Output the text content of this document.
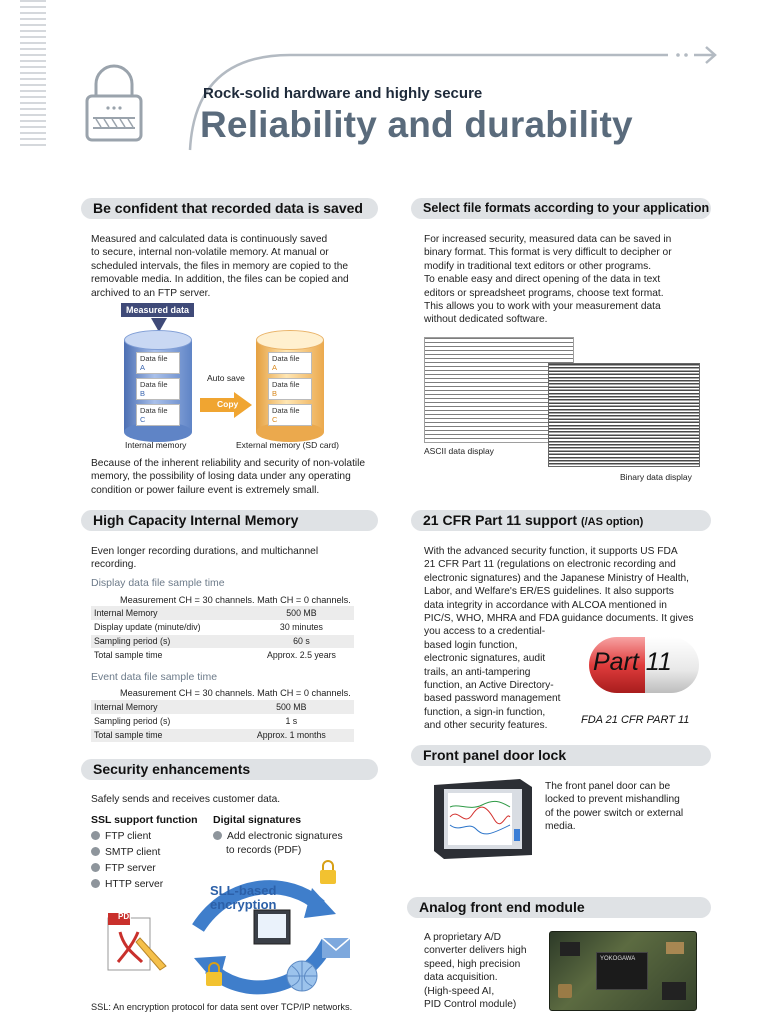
Rock-solid hardware and highly secure
Reliability and durability
Be confident that recorded data is saved
Measured and calculated data is continuously saved
to secure, internal non-volatile memory. At manual or
scheduled intervals, the files in memory are copied to the
removable media. In addition, the files can be copied and
archived to an FTP server.
Measured data
Data file
A
Data file
B
Data file
C
Auto save
Copy
Data file
A
Data file
B
Data file
C
Internal memory	External memory (SD card)
Because of the inherent reliability and security of non-volatile
memory, the possibility of losing data under any operating
condition or power failure event is extremely small.
Select file formats according to your application
For increased security, measured data can be saved in
binary format. This format is very difficult to decipher or
modify in traditional text editors or other programs.
To enable easy and direct opening of the data in text
editors or spreadsheet programs, choose text format.
This allows you to work with your measurement data
without dedicated software.
ASCII data display
Binary data display
High Capacity Internal Memory
Even longer recording durations, and multichannel
recording.
Display data file sample time
Measurement CH = 30 channels. Math CH = 0 channels.
Internal Memory	500 MB
Display update (minute/div)	30 minutes
Sampling period (s)	60 s
Total sample time	Approx. 2.5 years
Event data file sample time
Measurement CH = 30 channels. Math CH = 0 channels.
Internal Memory	500 MB
Sampling period (s)	1 s
Total sample time	Approx. 1 months
21 CFR Part 11 support (/AS option)
With the advanced security function, it supports US FDA
21 CFR Part 11 (regulations on electronic recording and
electronic signatures) and the Japanese Ministry of Health,
Labor, and Welfare's ER/ES guidelines. It also supports
data integrity in accordance with ALCOA mentioned in
PIC/S, WHO, MHRA and FDA guidance documents. It gives
you access to a credential-
based login function,
electronic signatures, audit
trails, an anti-tampering
function, an Active Directory-
based password management
function, a sign-in function,
and other security features.
Part 11
FDA 21 CFR PART 11
Security enhancements
Safely sends and receives customer data.
SSL support function Digital signatures
FTP client
SMTP client
FTP server
HTTP server
Add electronic signatures
to records (PDF)
PDF
SLL-based
encryption
SSL: An encryption protocol for data sent over TCP/IP networks.
Front panel door lock
The front panel door can be
locked to prevent mishandling
of the power switch or external
media.
Analog front end module
A proprietary A/D
converter delivers high
speed, high precision
data acquisition.
(High-speed AI,
PID Control module)
YOKOGAWA
